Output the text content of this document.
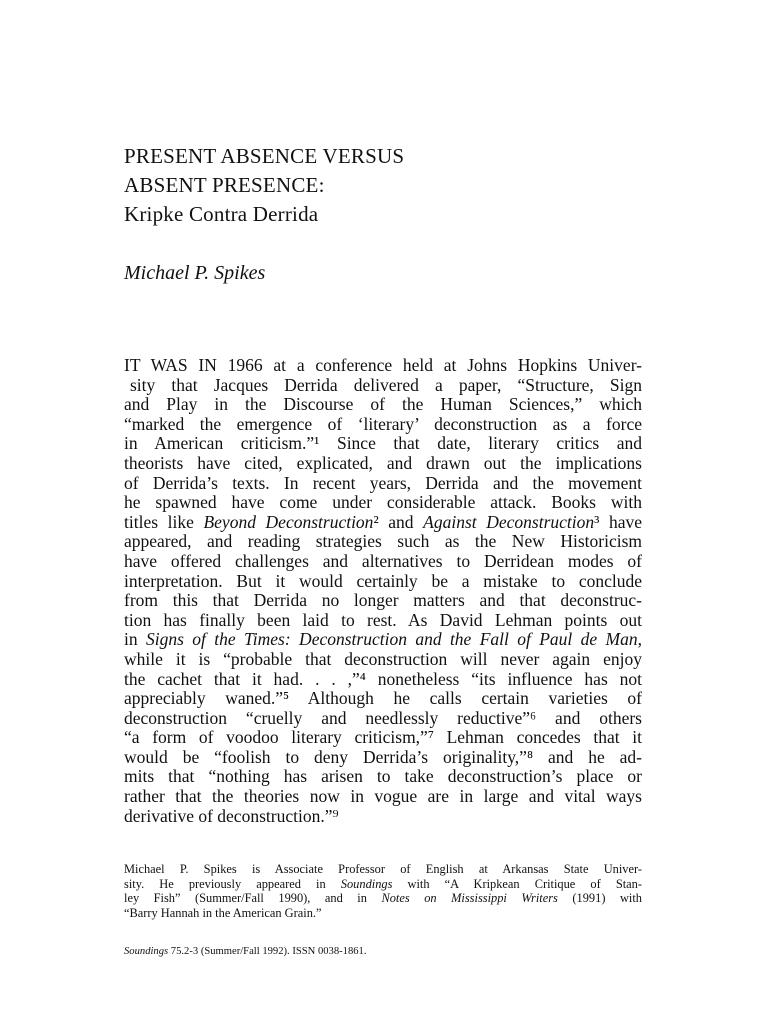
PRESENT ABSENCE VERSUS
ABSENT PRESENCE:
Kripke Contra Derrida
Michael P. Spikes
IT WAS IN 1966 at a conference held at Johns Hopkins Univer-
sity that Jacques Derrida delivered a paper, “Structure, Sign
and Play in the Discourse of the Human Sciences,” which
“marked the emergence of ‘literary’ deconstruction as a force
in American criticism.”¹ Since that date, literary critics and
theorists have cited, explicated, and drawn out the implications
of Derrida’s texts. In recent years, Derrida and the movement
he spawned have come under considerable attack. Books with
titles like Beyond Deconstruction² and Against Deconstruction³ have
appeared, and reading strategies such as the New Historicism
have offered challenges and alternatives to Derridean modes of
interpretation. But it would certainly be a mistake to conclude
from this that Derrida no longer matters and that deconstruc-
tion has finally been laid to rest. As David Lehman points out
in Signs of the Times: Deconstruction and the Fall of Paul de Man,
while it is “probable that deconstruction will never again enjoy
the cachet that it had. . . ,”⁴ nonetheless “its influence has not
appreciably waned.”⁵ Although he calls certain varieties of
deconstruction “cruelly and needlessly reductive”⁶ and others
“a form of voodoo literary criticism,”⁷ Lehman concedes that it
would be “foolish to deny Derrida’s originality,”⁸ and he ad-
mits that “nothing has arisen to take deconstruction’s place or
rather that the theories now in vogue are in large and vital ways
derivative of deconstruction.”⁹
Michael P. Spikes is Associate Professor of English at Arkansas State Univer-
sity. He previously appeared in Soundings with “A Kripkean Critique of Stan-
ley Fish” (Summer/Fall 1990), and in Notes on Mississippi Writers (1991) with
“Barry Hannah in the American Grain.”
Soundings 75.2-3 (Summer/Fall 1992). ISSN 0038-1861.
